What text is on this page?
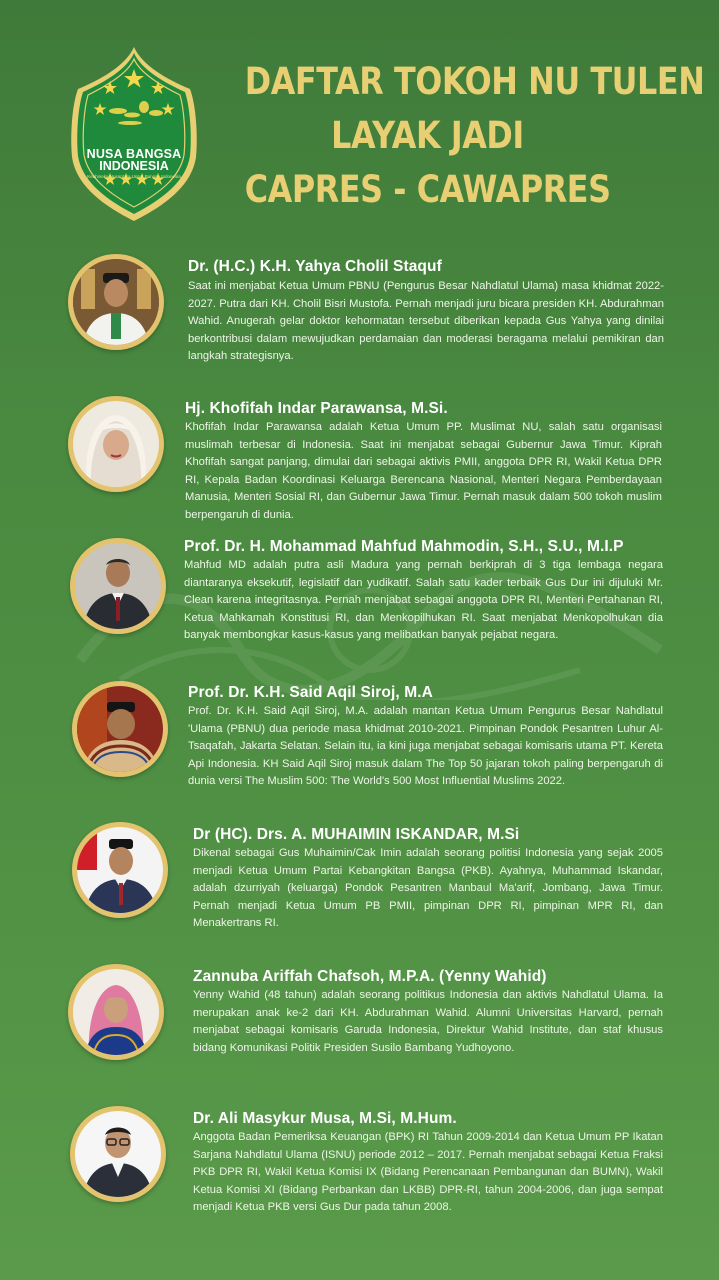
NUSA BANGSA
INDONESIA
Kebhineka Nusantara Untuk Bangsa Indonesia
DAFTAR TOKOH NU TULEN
LAYAK JADI
CAPRES - CAWAPRES
Dr. (H.C.) K.H. Yahya Cholil Staquf
Saat ini menjabat Ketua Umum PBNU (Pengurus Besar Nahdlatul Ulama) masa khidmat 2022-2027. Putra dari KH. Cholil Bisri Mustofa. Pernah menjadi juru bicara presiden KH. Abdurahman Wahid. Anugerah gelar doktor kehormatan tersebut diberikan kepada Gus Yahya yang dinilai berkontribusi dalam mewujudkan perdamaian dan moderasi beragama melalui pemikiran dan langkah strategisnya.
Hj. Khofifah Indar Parawansa, M.Si.
Khofifah Indar Parawansa adalah Ketua Umum PP. Muslimat NU, salah satu organisasi muslimah terbesar di Indonesia. Saat ini menjabat sebagai Gubernur Jawa Timur. Kiprah Khofifah sangat panjang, dimulai dari sebagai aktivis PMII, anggota DPR RI, Wakil Ketua DPR RI, Kepala Badan Koordinasi Keluarga Berencana Nasional, Menteri Negara Pemberdayaan Manusia, Menteri Sosial RI, dan Gubernur Jawa Timur. Pernah masuk dalam 500 tokoh muslim berpengaruh di dunia.
Prof. Dr. H. Mohammad Mahfud Mahmodin, S.H., S.U., M.I.P
Mahfud MD adalah putra asli Madura yang pernah berkiprah di 3 tiga lembaga negara diantaranya eksekutif, legislatif dan yudikatif. Salah satu kader terbaik Gus Dur ini dijuluki Mr. Clean karena integritasnya. Pernah menjabat sebagai anggota DPR RI, Menteri Pertahanan RI, Ketua Mahkamah Konstitusi RI, dan Menkopilhukan RI. Saat menjabat Menkopolhukan dia banyak membongkar kasus-kasus yang melibatkan banyak pejabat negara.
Prof. Dr. K.H. Said Aqil Siroj, M.A
Prof. Dr. K.H. Said Aqil Siroj, M.A. adalah mantan Ketua Umum Pengurus Besar Nahdlatul 'Ulama (PBNU) dua periode masa khidmat 2010-2021. Pimpinan Pondok Pesantren Luhur Al-Tsaqafah, Jakarta Selatan. Selain itu, ia kini juga menjabat sebagai komisaris utama PT. Kereta Api Indonesia. KH Said Aqil Siroj masuk dalam The Top 50 jajaran tokoh paling berpengaruh di dunia versi The Muslim 500: The World's 500 Most Influential Muslims 2022.
Dr (HC). Drs. A. MUHAIMIN ISKANDAR, M.Si
Dikenal sebagai Gus Muhaimin/Cak Imin adalah seorang politisi Indonesia yang sejak 2005 menjadi Ketua Umum Partai Kebangkitan Bangsa (PKB). Ayahnya, Muhammad Iskandar, adalah dzurriyah (keluarga) Pondok Pesantren Manbaul Ma'arif, Jombang, Jawa Timur. Pernah menjadi Ketua Umum PB PMII, pimpinan DPR RI, pimpinan MPR RI, dan Menakertrans RI.
Zannuba Ariffah Chafsoh, M.P.A. (Yenny Wahid)
Yenny Wahid (48 tahun) adalah seorang politikus Indonesia dan aktivis Nahdlatul Ulama. Ia merupakan anak ke-2 dari KH. Abdurahman Wahid. Alumni Universitas Harvard, pernah menjabat sebagai komisaris Garuda Indonesia, Direktur Wahid Institute, dan staf khusus bidang Komunikasi Politik Presiden Susilo Bambang Yudhoyono.
Dr. Ali Masykur Musa, M.Si, M.Hum.
Anggota Badan Pemeriksa Keuangan (BPK) RI Tahun 2009-2014 dan Ketua Umum PP Ikatan Sarjana Nahdlatul Ulama (ISNU) periode 2012 – 2017. Pernah menjabat sebagai Ketua Fraksi PKB DPR RI, Wakil Ketua Komisi IX (Bidang Perencanaan Pembangunan dan BUMN), Wakil Ketua Komisi XI (Bidang Perbankan dan LKBB) DPR-RI, tahun 2004-2006, dan juga sempat menjadi Ketua PKB versi Gus Dur pada tahun 2008.
